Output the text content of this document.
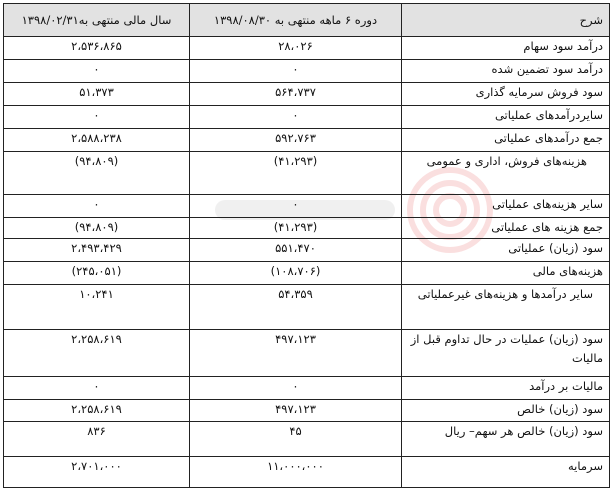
شرح	دوره ۶ ماهه منتهی به ۱۳۹۸/۰۸/۳۰	سال مالی منتهی به۱۳۹۸/۰۲/۳۱
درآمد سود سهام	۲۸،۰۲۶	۲،۵۳۶،۸۶۵
درآمد سود تضمین شده	۰	۰
سود فروش سرمایه گذاری	۵۶۴،۷۳۷	۵۱،۳۷۳
سایردرآمدهای عملیاتی	۰	۰
جمع درآمدهای عملیاتی	۵۹۲،۷۶۳	۲،۵۸۸،۲۳۸
هزینه‌های فروش، اداری و عمومی	(۴۱،۲۹۳)	(۹۴،۸۰۹)
سایر هزینه‌های عملیاتی	۰	۰
جمع هزینه های عملیاتی	(۴۱،۲۹۳)	(۹۴،۸۰۹)
سود (زیان) عملیاتی	۵۵۱،۴۷۰	۲،۴۹۳،۴۲۹
هزینه‌های مالی	(۱۰۸،۷۰۶)	(۲۴۵،۰۵۱)
سایر درآمدها و هزینه‌های غیرعملیاتی	۵۴،۳۵۹	۱۰،۲۴۱
سود (زیان) عملیات در حال تداوم قبل از مالیات	۴۹۷،۱۲۳	۲،۲۵۸،۶۱۹
مالیات بر درآمد	۰	۰
سود (زیان) خالص	۴۹۷،۱۲۳	۲،۲۵۸،۶۱۹
سود (زیان) خالص هر سهم– ریال	۴۵	۸۳۶
سرمایه	۱۱،۰۰۰،۰۰۰	۲،۷۰۱،۰۰۰
